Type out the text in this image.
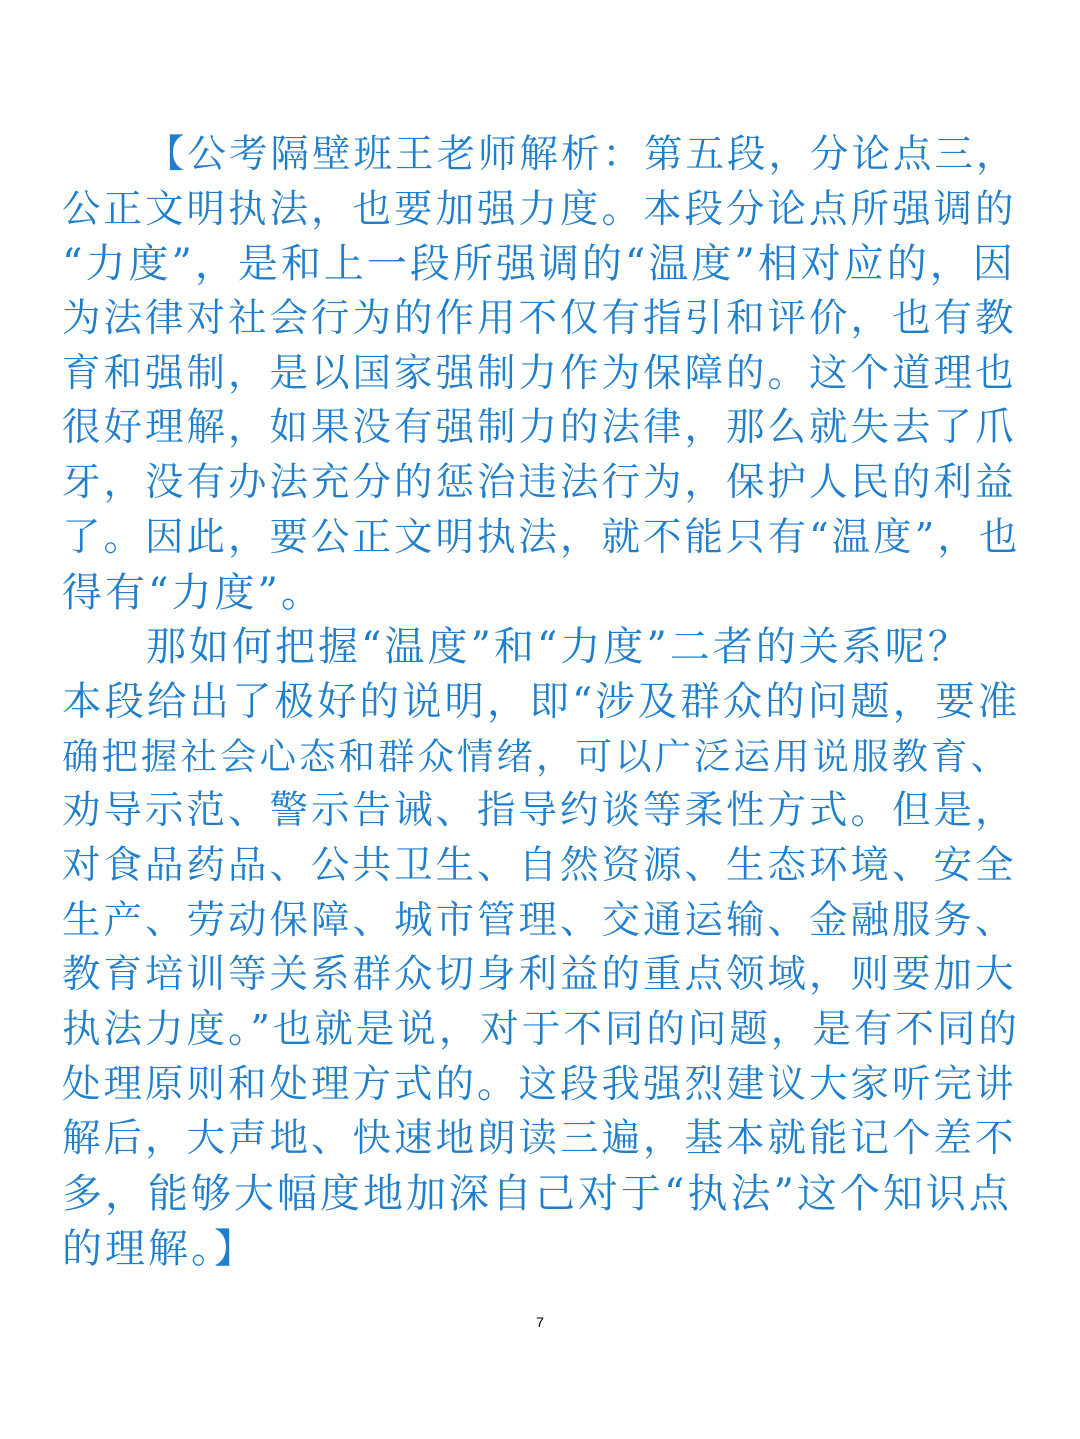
【公考隔壁班王老师解析：第五段，分论点三，
公正文明执法，也要加强力度。本段分论点所强调的
“力度”，是和上一段所强调的“温度”相对应的，因
为法律对社会行为的作用不仅有指引和评价，也有教
育和强制，是以国家强制力作为保障的。这个道理也
很好理解，如果没有强制力的法律，那么就失去了爪
牙，没有办法充分的惩治违法行为，保护人民的利益
了。因此，要公正文明执法，就不能只有“温度”，也
得有“力度”。
那如何把握“温度”和“力度”二者的关系呢？
本段给出了极好的说明，即“涉及群众的问题，要准
确把握社会心态和群众情绪，可以广泛运用说服教育、
劝导示范、警示告诫、指导约谈等柔性方式。但是，
对食品药品、公共卫生、自然资源、生态环境、安全
生产、劳动保障、城市管理、交通运输、金融服务、
教育培训等关系群众切身利益的重点领域，则要加大
执法力度。”也就是说，对于不同的问题，是有不同的
处理原则和处理方式的。这段我强烈建议大家听完讲
解后，大声地、快速地朗读三遍，基本就能记个差不
多，能够大幅度地加深自己对于“执法”这个知识点
的理解。】
7
